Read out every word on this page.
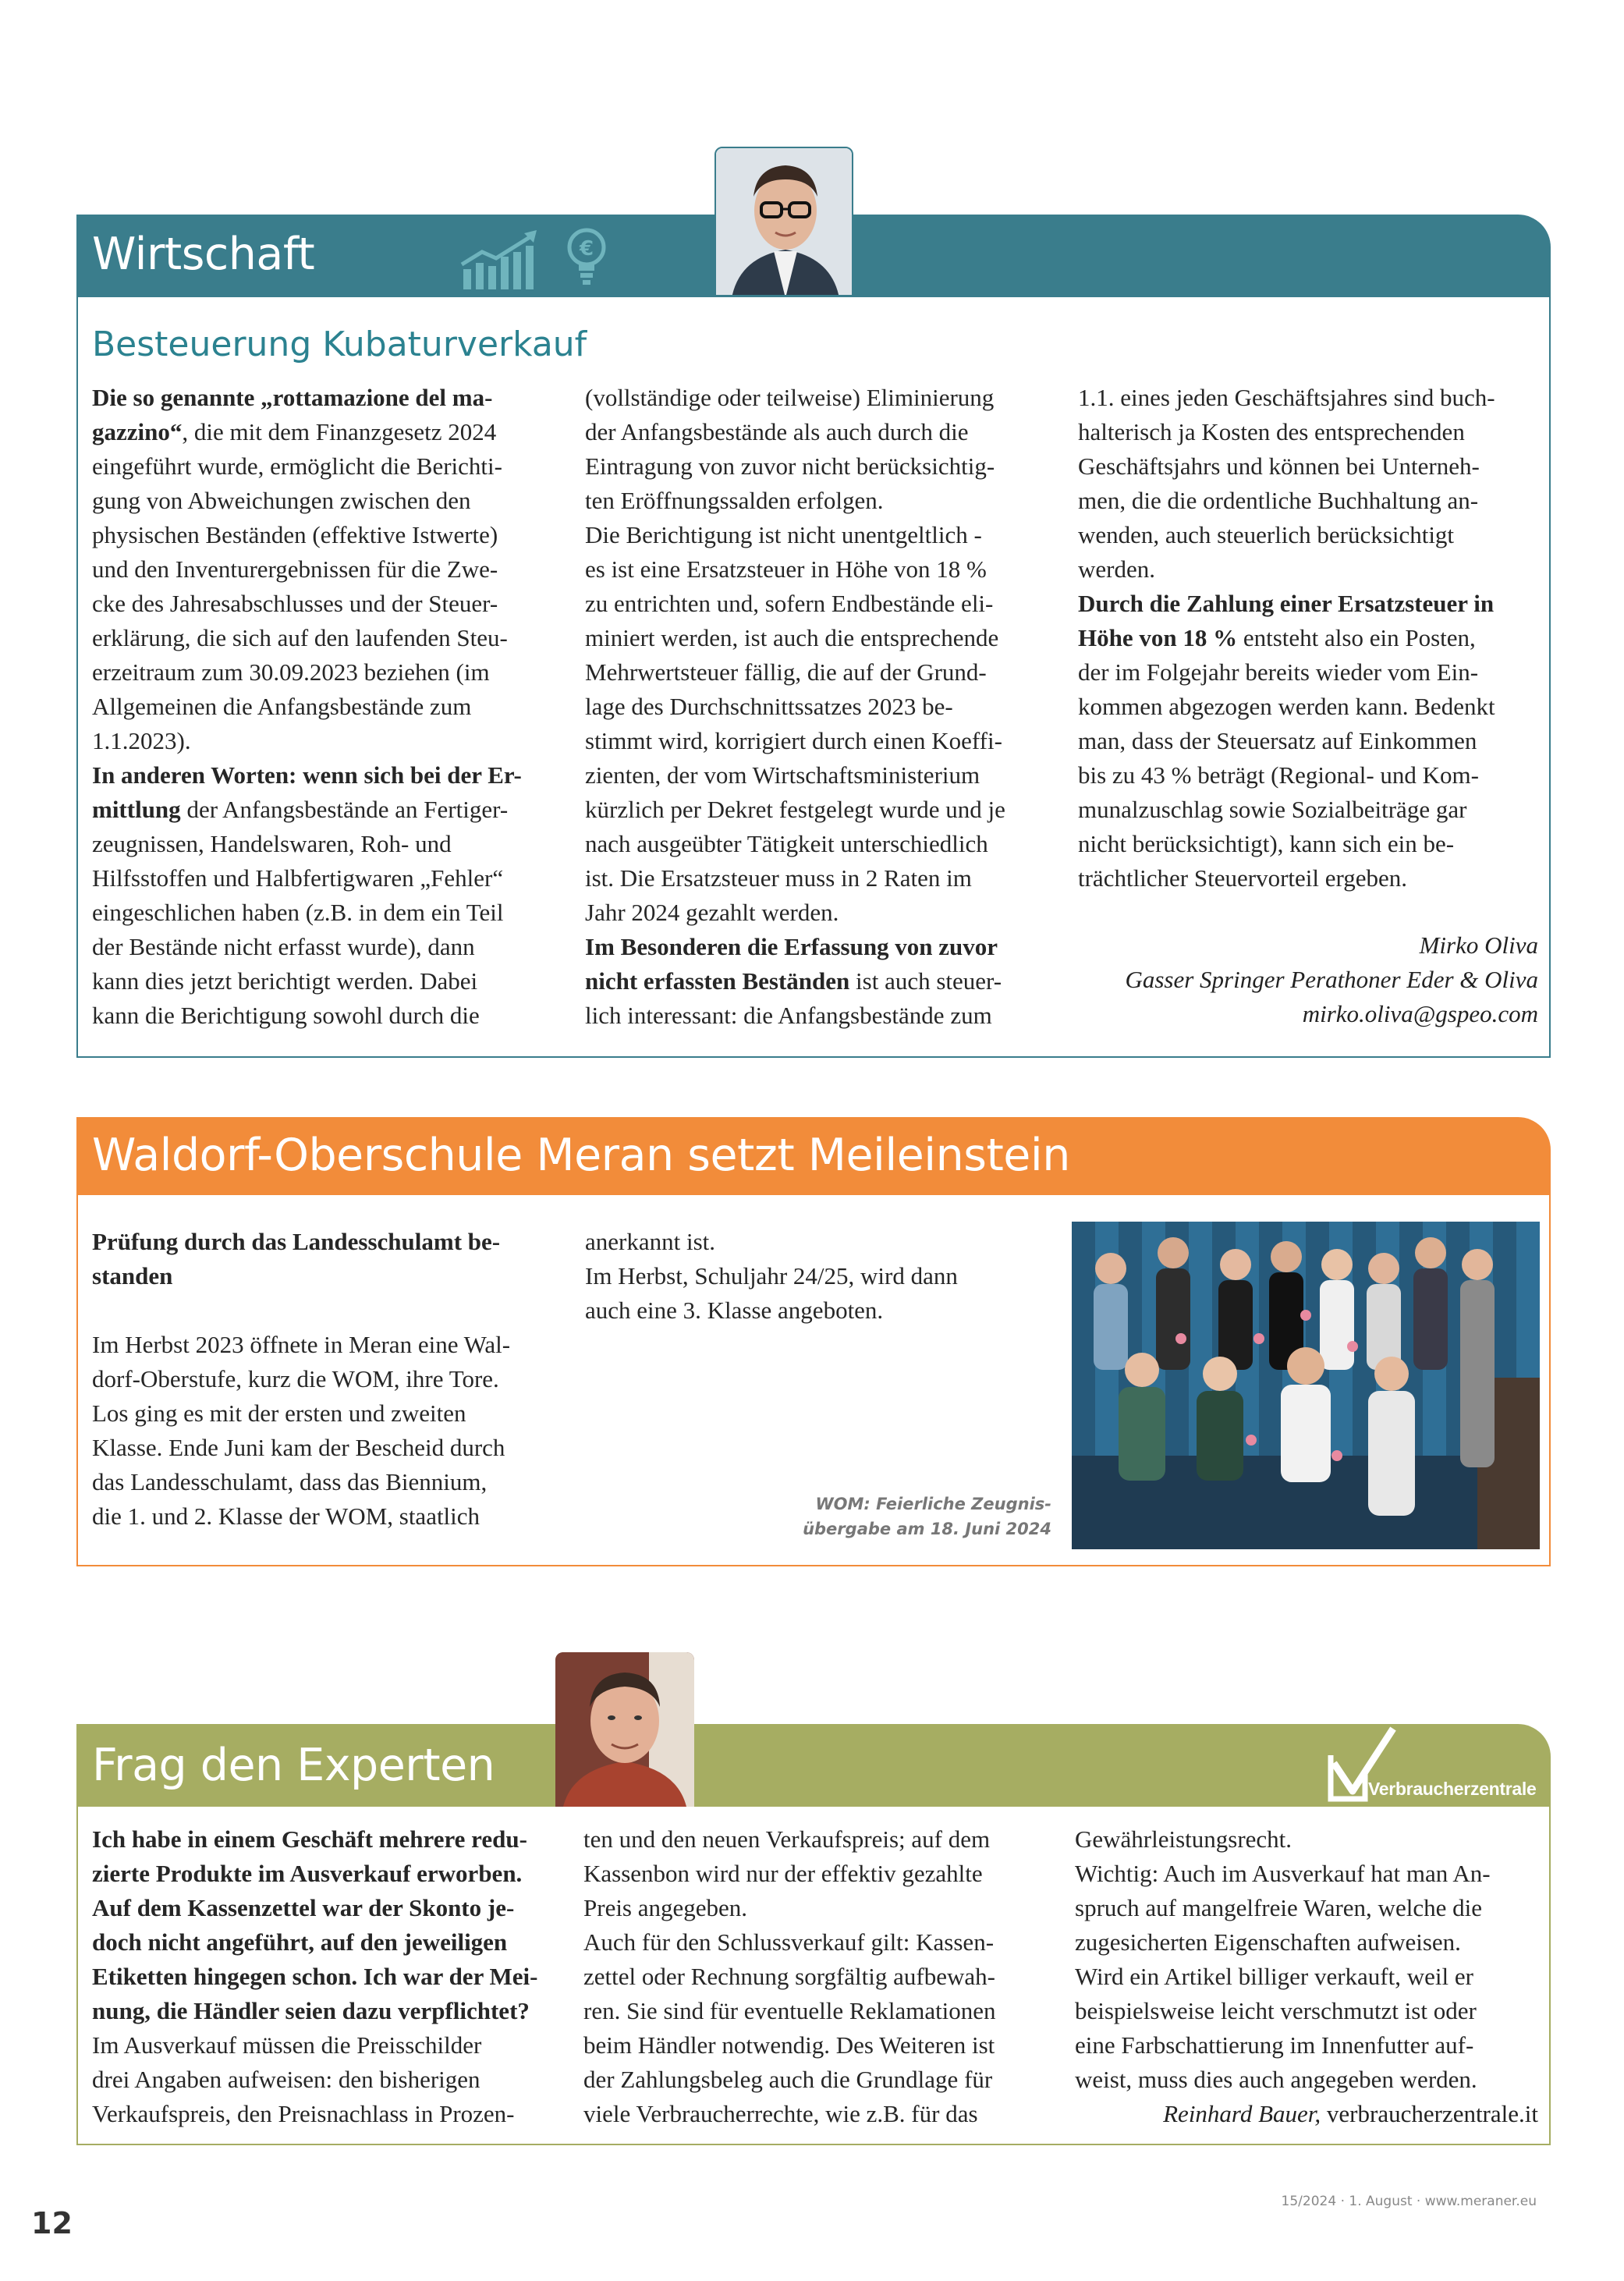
Wirtschaft	€
Besteuerung Kubaturverkauf
Die so genannte „rottamazione del ma-
gazzino“, die mit dem Finanzgesetz 2024
eingeführt wurde, ermöglicht die Berichti-
gung von Abweichungen zwischen den
physischen Beständen (effektive Istwerte)
und den Inventurergebnissen für die Zwe-
cke des Jahresabschlusses und der Steuer-
erklärung, die sich auf den laufenden Steu-
erzeitraum zum 30.09.2023 beziehen (im
Allgemeinen die Anfangsbestände zum
1.1.2023).
In anderen Worten: wenn sich bei der Er-
mittlung der Anfangsbestände an Fertiger-
zeugnissen, Handelswaren, Roh- und
Hilfsstoffen und Halbfertigwaren „Fehler“
eingeschlichen haben (z.B. in dem ein Teil
der Bestände nicht erfasst wurde), dann
kann dies jetzt berichtigt werden. Dabei
kann die Berichtigung sowohl durch die
(vollständige oder teilweise) Eliminierung
der Anfangsbestände als auch durch die
Eintragung von zuvor nicht berücksichtig-
ten Eröffnungssalden erfolgen.
Die Berichtigung ist nicht unentgeltlich -
es ist eine Ersatzsteuer in Höhe von 18 %
zu entrichten und, sofern Endbestände eli-
miniert werden, ist auch die entsprechende
Mehrwertsteuer fällig, die auf der Grund-
lage des Durchschnittssatzes 2023 be-
stimmt wird, korrigiert durch einen Koeffi-
zienten, der vom Wirtschaftsministerium
kürzlich per Dekret festgelegt wurde und je
nach ausgeübter Tätigkeit unterschiedlich
ist. Die Ersatzsteuer muss in 2 Raten im
Jahr 2024 gezahlt werden.
Im Besonderen die Erfassung von zuvor
nicht erfassten Beständen ist auch steuer-
lich interessant: die Anfangsbestände zum
1.1. eines jeden Geschäftsjahres sind buch-
halterisch ja Kosten des entsprechenden
Geschäftsjahrs und können bei Unterneh-
men, die die ordentliche Buchhaltung an-
wenden, auch steuerlich berücksichtigt
werden.
Durch die Zahlung einer Ersatzsteuer in
Höhe von 18 % entsteht also ein Posten,
der im Folgejahr bereits wieder vom Ein-
kommen abgezogen werden kann. Bedenkt
man, dass der Steuersatz auf Einkommen
bis zu 43 % beträgt (Regional- und Kom-
munalzuschlag sowie Sozialbeiträge gar
nicht berücksichtigt), kann sich ein be-
trächtlicher Steuervorteil ergeben.
Mirko Oliva
Gasser Springer Perathoner Eder & Oliva
mirko.oliva@gspeo.com
Waldorf-Oberschule Meran setzt Meileinstein
Prüfung durch das Landesschulamt be-
standen
Im Herbst 2023 öffnete in Meran eine Wal-
dorf-Oberstufe, kurz die WOM, ihre Tore.
Los ging es mit der ersten und zweiten
Klasse. Ende Juni kam der Bescheid durch
das Landesschulamt, dass das Biennium,
die 1. und 2. Klasse der WOM, staatlich
anerkannt ist.
Im Herbst, Schuljahr 24/25, wird dann
auch eine 3. Klasse angeboten.
WOM: Feierliche Zeugnis-
übergabe am 18. Juni 2024
Frag den Experten	Verbraucherzentrale
Ich habe in einem Geschäft mehrere redu-
zierte Produkte im Ausverkauf erworben.
Auf dem Kassenzettel war der Skonto je-
doch nicht angeführt, auf den jeweiligen
Etiketten hingegen schon. Ich war der Mei-
nung, die Händler seien dazu verpflichtet?
Im Ausverkauf müssen die Preisschilder
drei Angaben aufweisen: den bisherigen
Verkaufspreis, den Preisnachlass in Prozen-
ten und den neuen Verkaufspreis; auf dem
Kassenbon wird nur der effektiv gezahlte
Preis angegeben.
Auch für den Schlussverkauf gilt: Kassen-
zettel oder Rechnung sorgfältig aufbewah-
ren. Sie sind für eventuelle Reklamationen
beim Händler notwendig. Des Weiteren ist
der Zahlungsbeleg auch die Grundlage für
viele Verbraucherrechte, wie z.B. für das
Gewährleistungsrecht.
Wichtig: Auch im Ausverkauf hat man An-
spruch auf mangelfreie Waren, welche die
zugesicherten Eigenschaften aufweisen.
Wird ein Artikel billiger verkauft, weil er
beispielsweise leicht verschmutzt ist oder
eine Farbschattierung im Innenfutter auf-
weist, muss dies auch angegeben werden.
Reinhard Bauer, verbraucherzentrale.it
12
15/2024 · 1. August · www.meraner.eu
